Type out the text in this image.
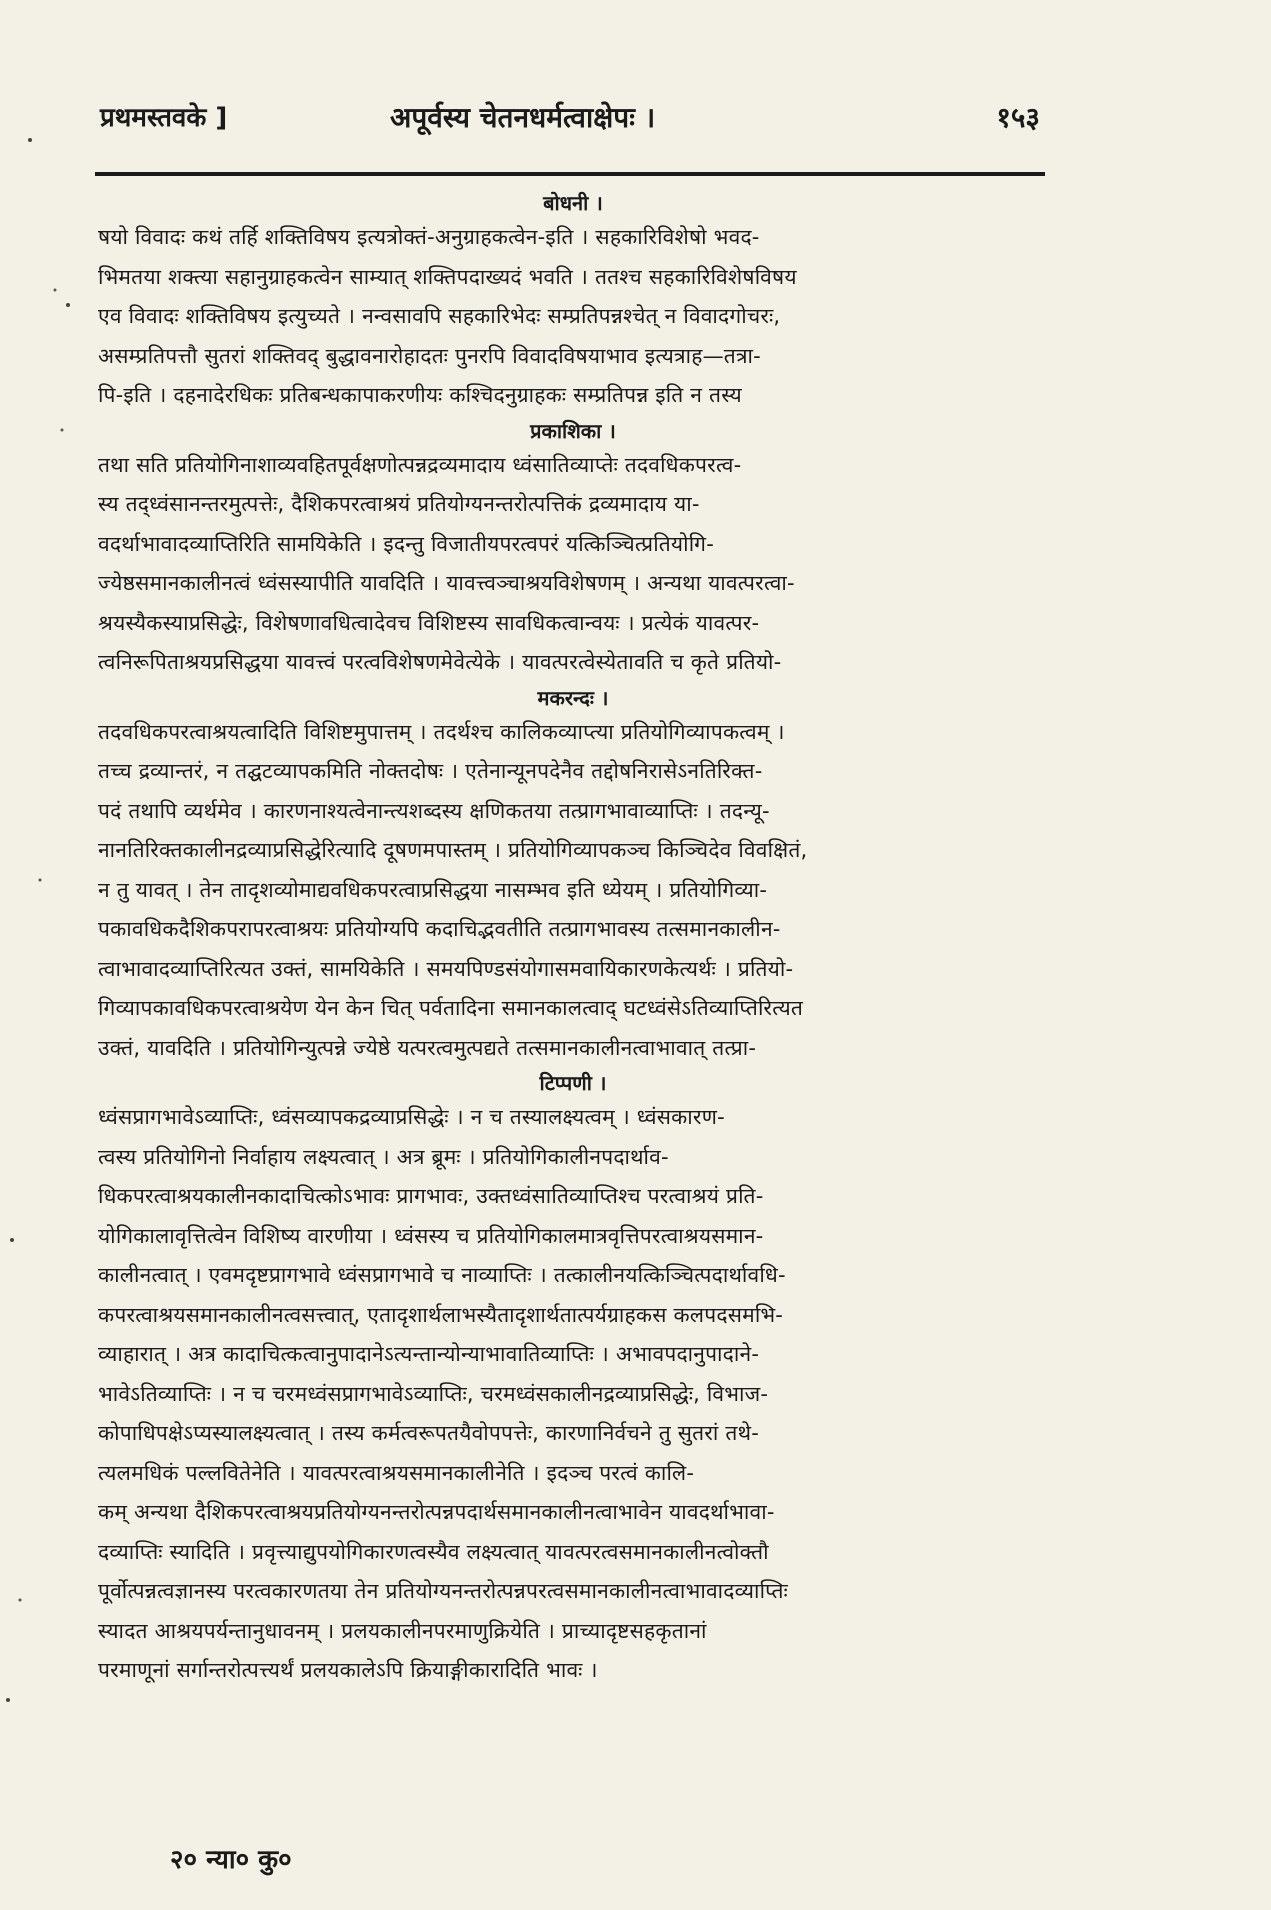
प्रथमस्तवके ]	अपूर्वस्य चेतनधर्मत्वाक्षेपः ।	१५३
बोधनी ।
षयो विवादः कथं तर्हि शक्तिविषय इत्यत्रोक्तं-अनुग्राहकत्वेन-इति । सहकारिविशेषो भवद-
भिमतया शक्त्या सहानुग्राहकत्वेन साम्यात् शक्तिपदाख्यदं भवति । ततश्च सहकारिविशेषविषय
एव विवादः शक्तिविषय इत्युच्यते । नन्वसावपि सहकारिभेदः सम्प्रतिपन्नश्चेत् न विवादगोचरः,
असम्प्रतिपत्तौ सुतरां शक्तिवद् बुद्धावनारोहादतः पुनरपि विवादविषयाभाव इत्यत्राह—तत्रा-
पि-इति । दहनादेरधिकः प्रतिबन्धकापाकरणीयः कश्चिदनुग्राहकः सम्प्रतिपन्न इति न तस्य
प्रकाशिका ।
तथा सति प्रतियोगिनाशाव्यवहितपूर्वक्षणोत्पन्नद्रव्यमादाय ध्वंसातिव्याप्तेः तदवधिकपरत्व-
स्य तद्ध्वंसानन्तरमुत्पत्तेः, दैशिकपरत्वाश्रयं प्रतियोग्यनन्तरोत्पत्तिकं द्रव्यमादाय या-
वदर्थाभावादव्याप्तिरिति सामयिकेति । इदन्तु विजातीयपरत्वपरं यत्किञ्चित्प्रतियोगि-
ज्येष्ठसमानकालीनत्वं ध्वंसस्यापीति यावदिति । यावत्त्वञ्चाश्रयविशेषणम् । अन्यथा यावत्परत्वा-
श्रयस्यैकस्याप्रसिद्धेः, विशेषणावधित्वादेवच विशिष्टस्य सावधिकत्वान्वयः । प्रत्येकं यावत्पर-
त्वनिरूपिताश्रयप्रसिद्धया यावत्त्वं परत्वविशेषणमेवेत्येके । यावत्परत्वेस्येतावति च कृते प्रतियो-
मकरन्दः ।
तदवधिकपरत्वाश्रयत्वादिति विशिष्टमुपात्तम् । तदर्थश्च कालिकव्याप्त्या प्रतियोगिव्यापकत्वम् ।
तच्च द्रव्यान्तरं, न तद्घटव्यापकमिति नोक्तदोषः । एतेनान्यूनपदेनैव तद्दोषनिरासेऽनतिरिक्त-
पदं तथापि व्यर्थमेव । कारणनाश्यत्वेनान्त्यशब्दस्य क्षणिकतया तत्प्रागभावाव्याप्तिः । तदन्यू-
नानतिरिक्तकालीनद्रव्याप्रसिद्धेरित्यादि दूषणमपास्तम् । प्रतियोगिव्यापकञ्च किञ्चिदेव विवक्षितं,
न तु यावत् । तेन तादृशव्योमाद्यवधिकपरत्वाप्रसिद्धया नासम्भव इति ध्येयम् । प्रतियोगिव्या-
पकावधिकदैशिकपरापरत्वाश्रयः प्रतियोग्यपि कदाचिद्भवतीति तत्प्रागभावस्य तत्समानकालीन-
त्वाभावादव्याप्तिरित्यत उक्तं, सामयिकेति । समयपिण्डसंयोगासमवायिकारणकेत्यर्थः । प्रतियो-
गिव्यापकावधिकपरत्वाश्रयेण येन केन चित् पर्वतादिना समानकालत्वाद् घटध्वंसेऽतिव्याप्तिरित्यत
उक्तं, यावदिति । प्रतियोगिन्युत्पन्ने ज्येष्ठे यत्परत्वमुत्पद्यते तत्समानकालीनत्वाभावात् तत्प्रा-
टिप्पणी ।
ध्वंसप्रागभावेऽव्याप्तिः, ध्वंसव्यापकद्रव्याप्रसिद्धेः । न च तस्यालक्ष्यत्वम् । ध्वंसकारण-
त्वस्य प्रतियोगिनो निर्वाहाय लक्ष्यत्वात् । अत्र ब्रूमः । प्रतियोगिकालीनपदार्थाव-
धिकपरत्वाश्रयकालीनकादाचित्कोऽभावः प्रागभावः, उक्तध्वंसातिव्याप्तिश्च परत्वाश्रयं प्रति-
योगिकालावृत्तित्वेन विशिष्य वारणीया । ध्वंसस्य च प्रतियोगिकालमात्रवृत्तिपरत्वाश्रयसमान-
कालीनत्वात् । एवमदृष्टप्रागभावे ध्वंसप्रागभावे च नाव्याप्तिः । तत्कालीनयत्किञ्चित्पदार्थावधि-
कपरत्वाश्रयसमानकालीनत्वसत्त्वात्, एतादृशार्थलाभस्यैतादृशार्थतात्पर्यग्राहकस कलपदसमभि-
व्याहारात् । अत्र कादाचित्कत्वानुपादानेऽत्यन्तान्योन्याभावातिव्याप्तिः । अभावपदानुपादाने-
भावेऽतिव्याप्तिः । न च चरमध्वंसप्रागभावेऽव्याप्तिः, चरमध्वंसकालीनद्रव्याप्रसिद्धेः, विभाज-
कोपाधिपक्षेऽप्यस्यालक्ष्यत्वात् । तस्य कर्मत्वरूपतयैवोपपत्तेः, कारणानिर्वचने तु सुतरां तथे-
त्यलमधिकं पल्लवितेनेति । यावत्परत्वाश्रयसमानकालीनेति । इदञ्च परत्वं कालि-
कम् अन्यथा दैशिकपरत्वाश्रयप्रतियोग्यनन्तरोत्पन्नपदार्थसमानकालीनत्वाभावेन यावदर्थाभावा-
दव्याप्तिः स्यादिति । प्रवृत्त्याद्युपयोगिकारणत्वस्यैव लक्ष्यत्वात् यावत्परत्वसमानकालीनत्वोक्तौ
पूर्वोत्पन्नत्वज्ञानस्य परत्वकारणतया तेन प्रतियोग्यनन्तरोत्पन्नपरत्वसमानकालीनत्वाभावादव्याप्तिः
स्यादत आश्रयपर्यन्तानुधावनम् । प्रलयकालीनपरमाणुक्रियेति । प्राच्यादृष्टसहकृतानां
परमाणूनां सर्गान्तरोत्पत्त्यर्थं प्रलयकालेऽपि क्रियाङ्गीकारादिति भावः ।
२० न्या० कु०
